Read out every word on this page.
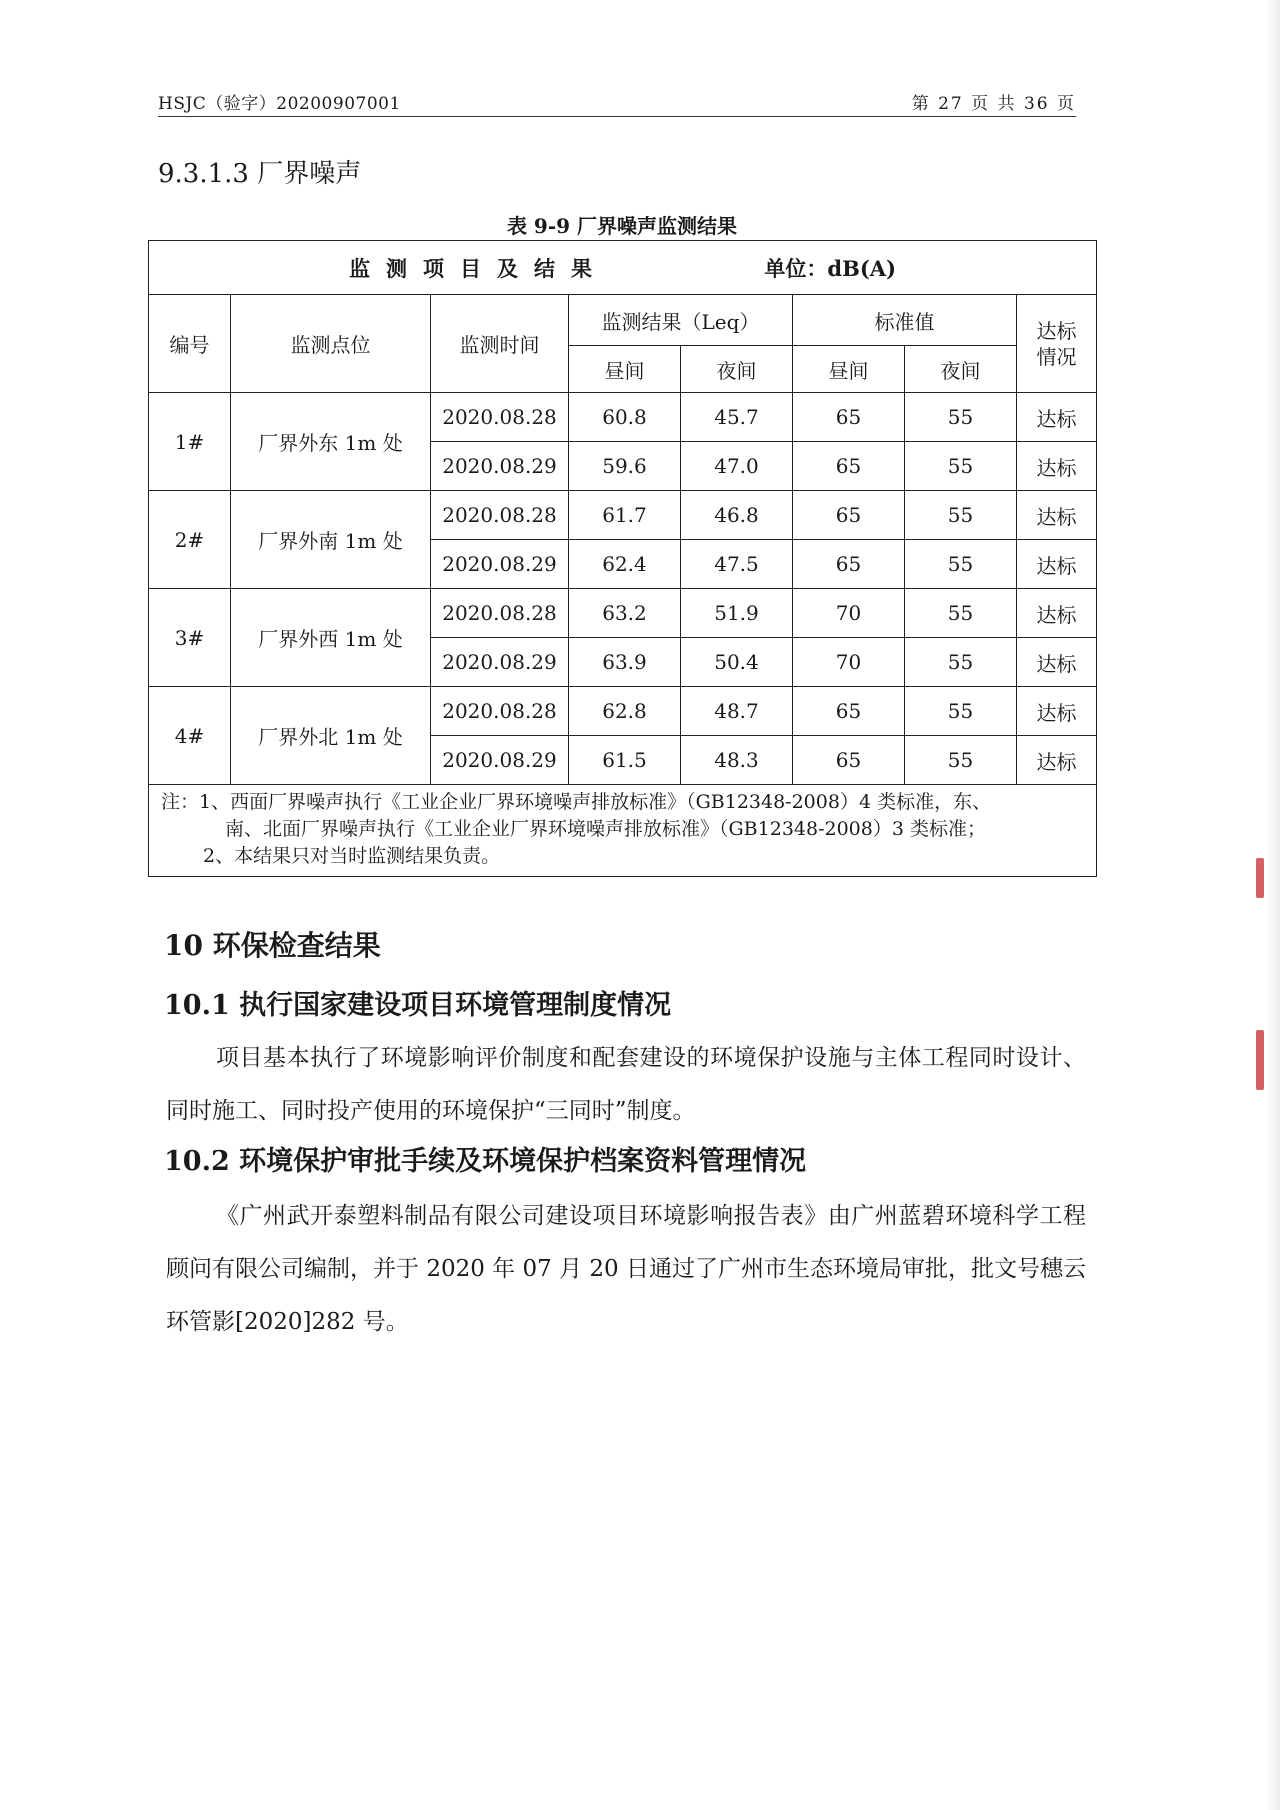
HSJC（验字）20200907001	第 27 页 共 36 页
9.3.1.3 厂界噪声
表 9-9 厂界噪声监测结果
监测项目及结果 单位：dB(A)							
编号	监测点位	监测时间	监测结果（Leq）		标准值		达标情况
			昼间	夜间	昼间	夜间	
1#	厂界外东 1m 处	2020.08.28	60.8	45.7	65	55	达标
		2020.08.29	59.6	47.0	65	55	达标
2#	厂界外南 1m 处	2020.08.28	61.7	46.8	65	55	达标
		2020.08.29	62.4	47.5	65	55	达标
3#	厂界外西 1m 处	2020.08.28	63.2	51.9	70	55	达标
		2020.08.29	63.9	50.4	70	55	达标
4#	厂界外北 1m 处	2020.08.28	62.8	48.7	65	55	达标
		2020.08.29	61.5	48.3	65	55	达标

注：1、西面厂界噪声执行《工业企业厂界环境噪声排放标准》（GB12348-2008）4 类标准，东、
南、北面厂界噪声执行《工业企业厂界环境噪声排放标准》（GB12348-2008）3 类标准；
2、本结果只对当时监测结果负责。							
10 环保检查结果
10.1 执行国家建设项目环境管理制度情况
项目基本执行了环境影响评价制度和配套建设的环境保护设施与主体工程同时设计、同时施工、同时投产使用的环境保护“三同时”制度。
10.2 环境保护审批手续及环境保护档案资料管理情况
《广州武开泰塑料制品有限公司建设项目环境影响报告表》由广州蓝碧环境科学工程顾问有限公司编制，并于 2020 年 07 月 20 日通过了广州市生态环境局审批，批文号穗云环管影[2020]282 号。
